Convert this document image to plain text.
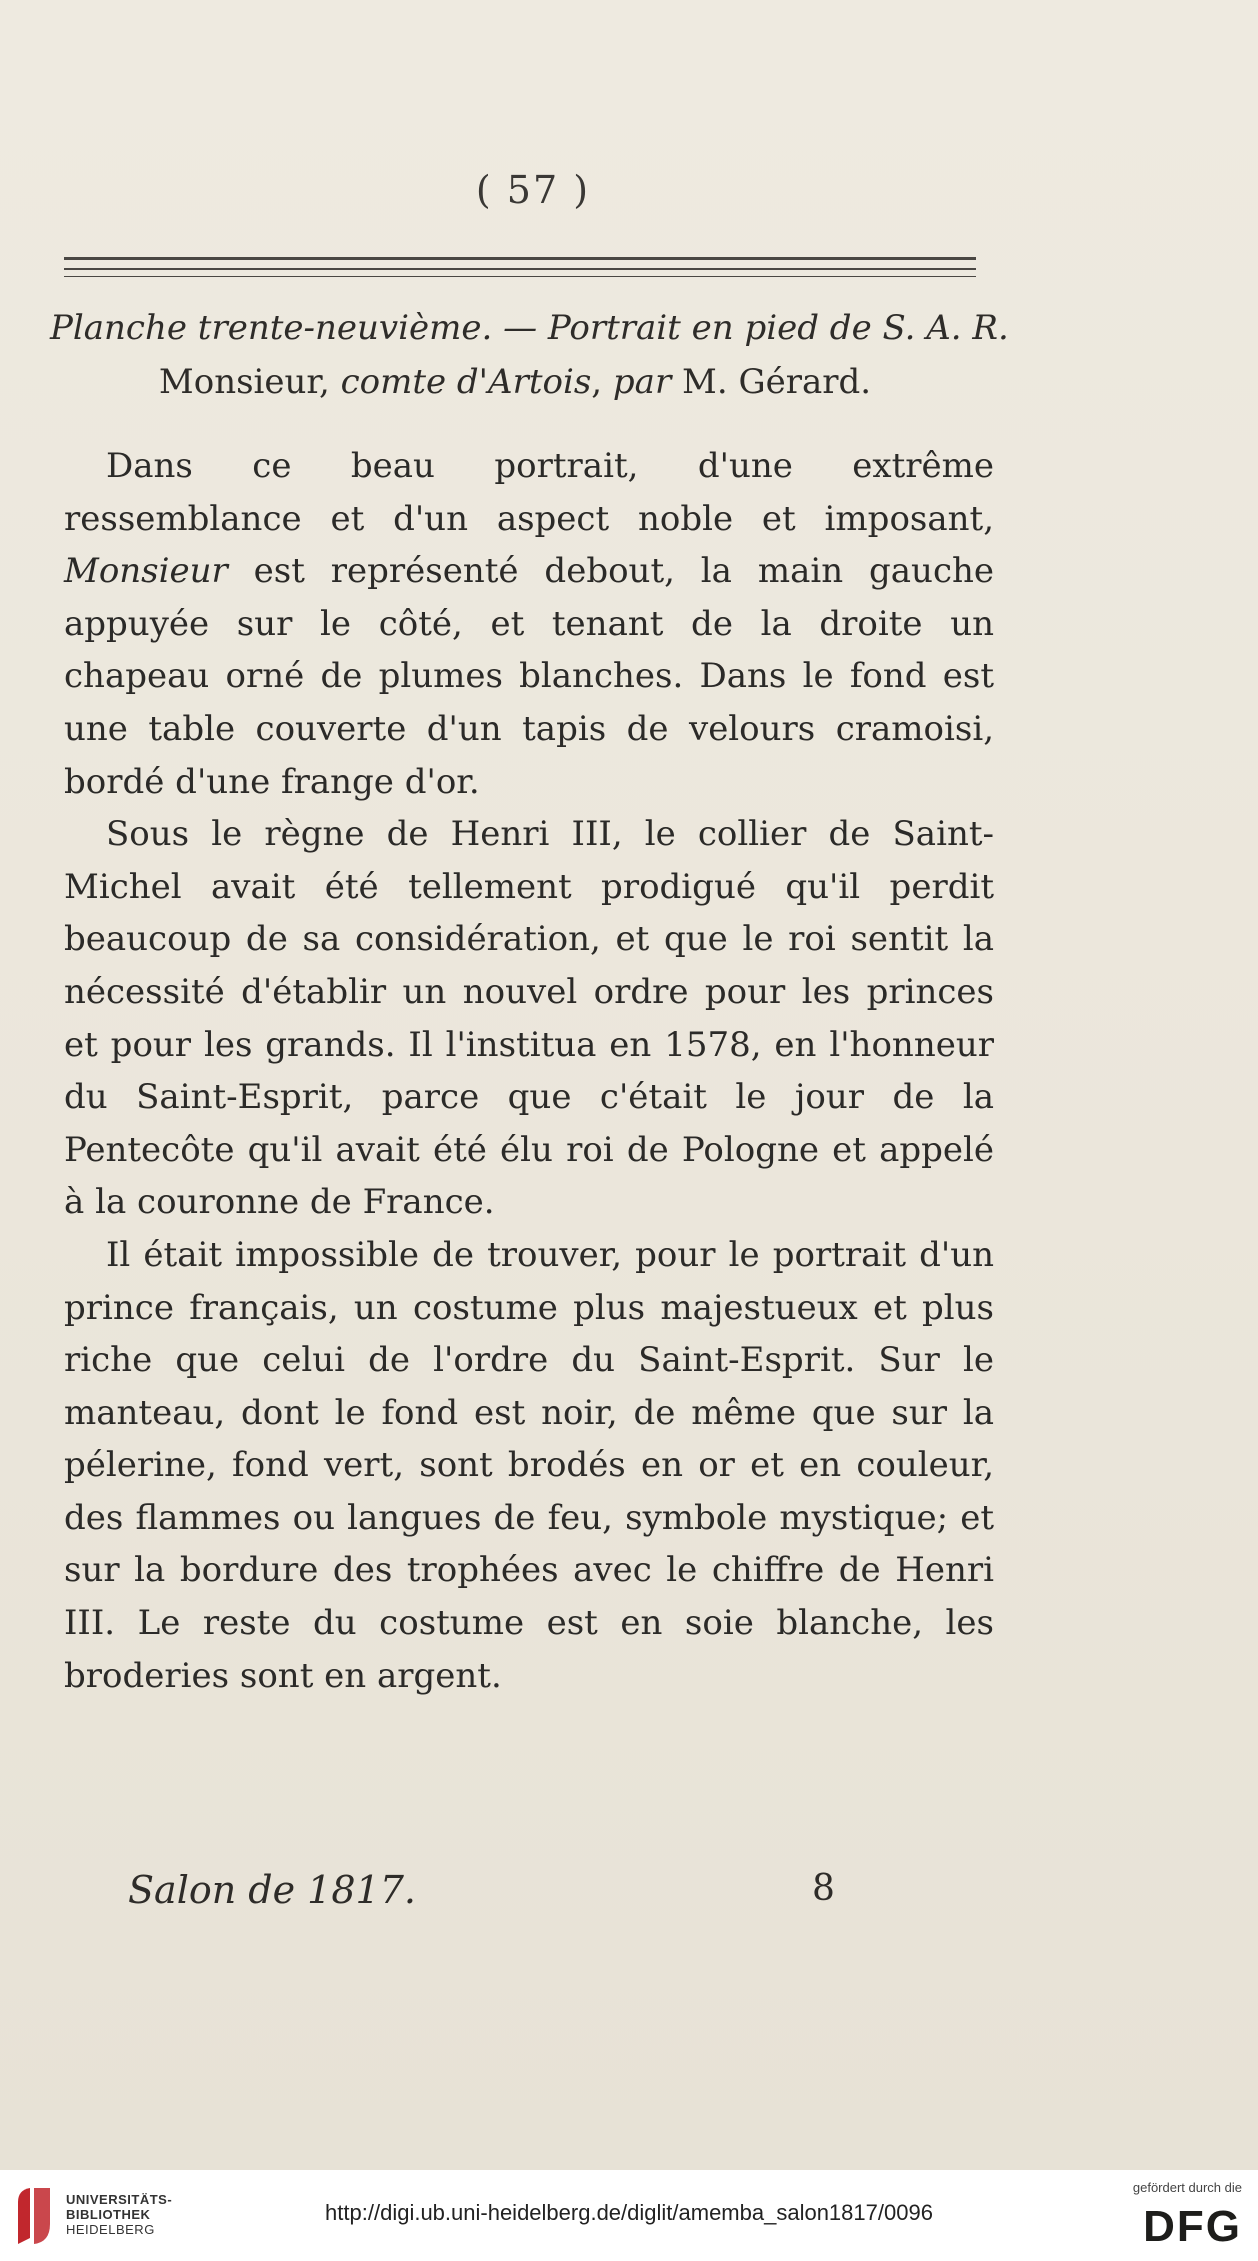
( 57 )
Planche trente-neuvième. — Portrait en pied de S. A. R.
Monsieur, comte d'Artois, par M. Gérard.

Dans ce beau portrait, d'une extrême ressemblance et d'un aspect noble et imposant, Monsieur est représenté debout, la main gauche appuyée sur le côté, et tenant de la droite un chapeau orné de plumes blanches. Dans le fond est une table couverte d'un tapis de velours cramoisi, bordé d'une frange d'or.

Sous le règne de Henri III, le collier de Saint-Michel avait été tellement prodigué qu'il perdit beaucoup de sa considération, et que le roi sentit la nécessité d'établir un nouvel ordre pour les princes et pour les grands. Il l'institua en 1578, en l'honneur du Saint-Esprit, parce que c'était le jour de la Pentecôte qu'il avait été élu roi de Pologne et appelé à la couronne de France.

Il était impossible de trouver, pour le portrait d'un prince français, un costume plus majestueux et plus riche que celui de l'ordre du Saint-Esprit. Sur le manteau, dont le fond est noir, de même que sur la pélerine, fond vert, sont brodés en or et en couleur, des flammes ou langues de feu, symbole mystique; et sur la bordure des trophées avec le chiffre de Henri III. Le reste du costume est en soie blanche, les broderies sont en argent.

Salon de 1817.	8
UNIVERSITÄTS-
BIBLIOTHEK
HEIDELBERG
http://digi.ub.uni-heidelberg.de/diglit/amemba_salon1817/0096
gefördert durch die
DFG
